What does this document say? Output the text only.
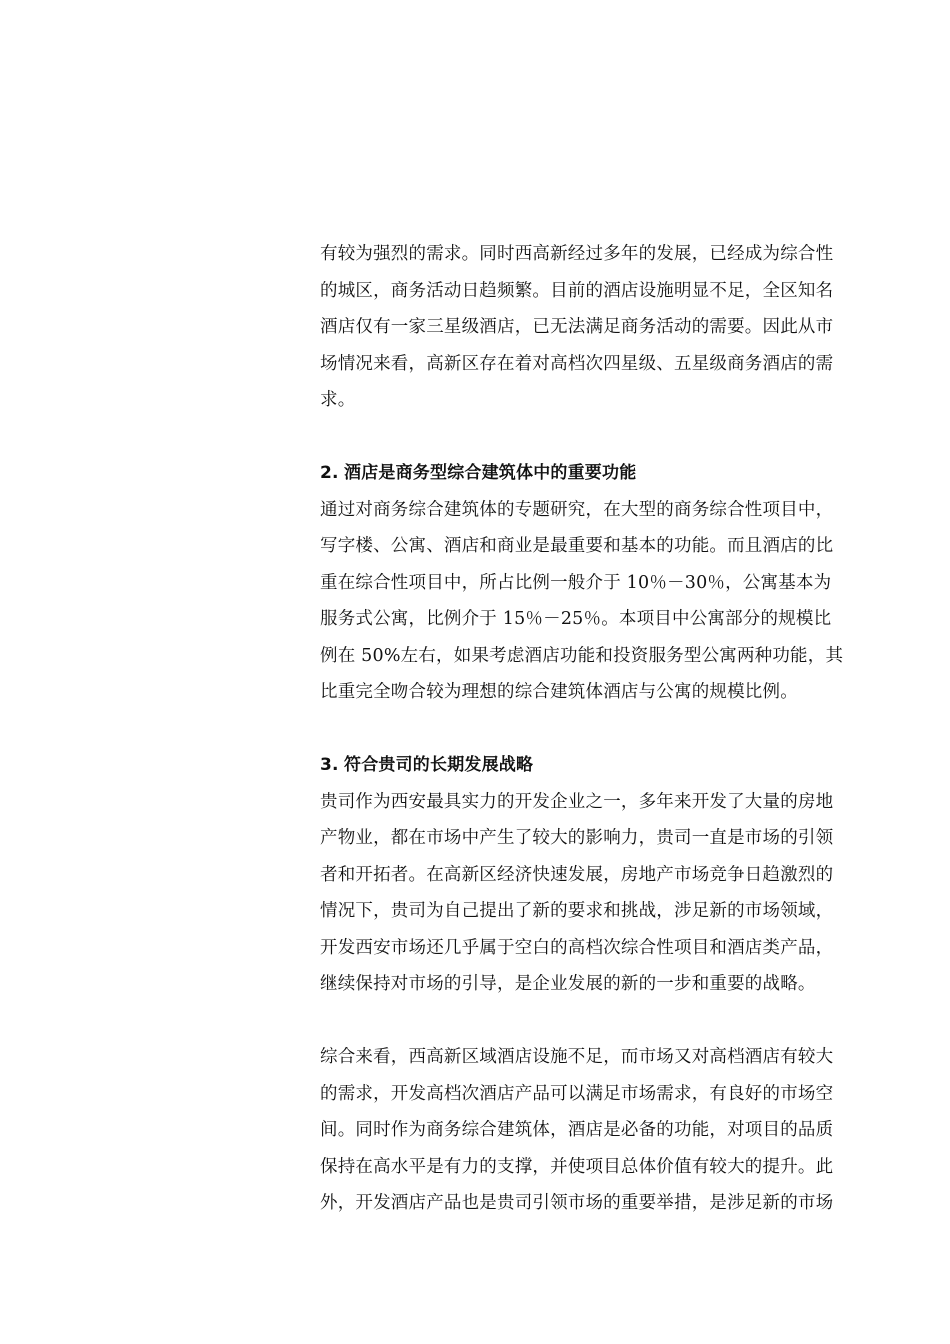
有较为强烈的需求。同时西高新经过多年的发展，已经成为综合性
的城区，商务活动日趋频繁。目前的酒店设施明显不足，全区知名
酒店仅有一家三星级酒店，已无法满足商务活动的需要。因此从市
场情况来看，高新区存在着对高档次四星级、五星级商务酒店的需
求。
2. 酒店是商务型综合建筑体中的重要功能
通过对商务综合建筑体的专题研究，在大型的商务综合性项目中，
写字楼、公寓、酒店和商业是最重要和基本的功能。而且酒店的比
重在综合性项目中，所占比例一般介于 10％－30％，公寓基本为
服务式公寓，比例介于 15％－25％。本项目中公寓部分的规模比
例在 50%左右，如果考虑酒店功能和投资服务型公寓两种功能，其
比重完全吻合较为理想的综合建筑体酒店与公寓的规模比例。
3. 符合贵司的长期发展战略
贵司作为西安最具实力的开发企业之一，多年来开发了大量的房地
产物业，都在市场中产生了较大的影响力，贵司一直是市场的引领
者和开拓者。在高新区经济快速发展，房地产市场竞争日趋激烈的
情况下，贵司为自己提出了新的要求和挑战，涉足新的市场领域，
开发西安市场还几乎属于空白的高档次综合性项目和酒店类产品，
继续保持对市场的引导，是企业发展的新的一步和重要的战略。
综合来看，西高新区域酒店设施不足，而市场又对高档酒店有较大
的需求，开发高档次酒店产品可以满足市场需求，有良好的市场空
间。同时作为商务综合建筑体，酒店是必备的功能，对项目的品质
保持在高水平是有力的支撑，并使项目总体价值有较大的提升。此
外，开发酒店产品也是贵司引领市场的重要举措，是涉足新的市场
